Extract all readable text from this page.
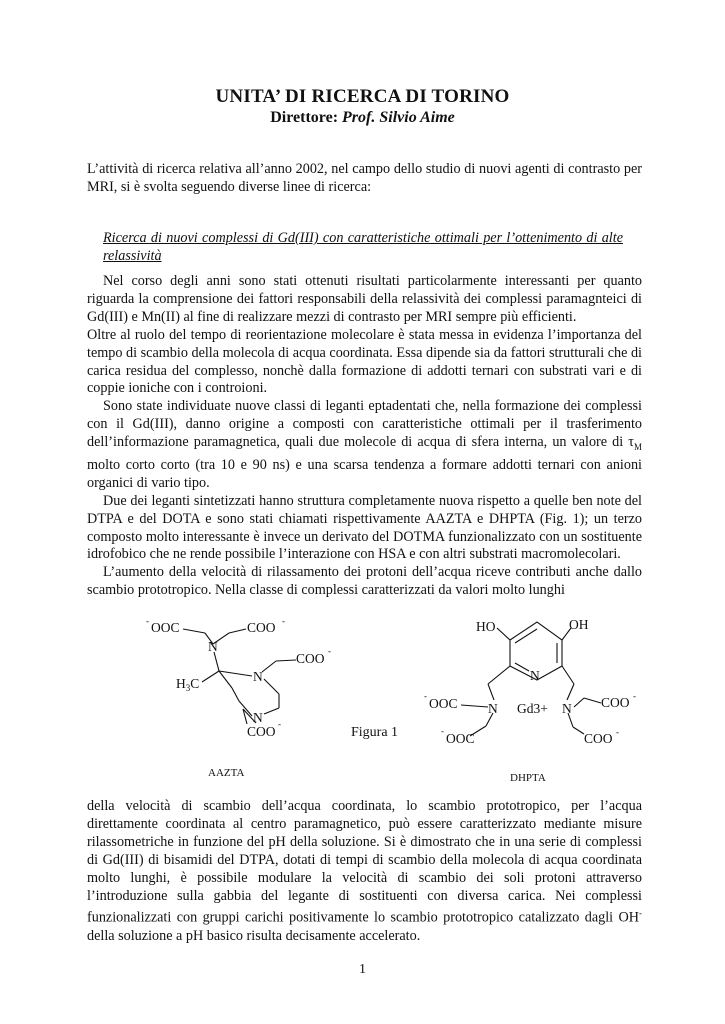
UNITA’ DI RICERCA DI TORINO
Direttore: Prof. Silvio Aime
L’attività di ricerca relativa all’anno 2002, nel campo dello studio di nuovi agenti di contrasto per MRI, si è svolta seguendo diverse linee di ricerca:
Ricerca di nuovi complessi di Gd(III) con caratteristiche ottimali per l’ottenimento di alte relassività

Nel corso degli anni sono stati ottenuti risultati particolarmente interessanti per quanto riguarda la comprensione dei fattori responsabili della relassività dei complessi paramagnteici di Gd(III) e Mn(II) al fine di realizzare mezzi di contrasto per MRI sempre più efficienti.

Oltre al ruolo del tempo di reorientazione molecolare è stata messa in evidenza l’importanza del tempo di scambio della molecola di acqua coordinata. Essa dipende sia da fattori strutturali che di carica residua del complesso, nonchè dalla formazione di addotti ternari con substrati vari e di coppie ioniche con i controioni.

Sono state individuate nuove classi di leganti eptadentati che, nella formazione dei complessi con il Gd(III), danno origine a composti con caratteristiche ottimali per il trasferimento dell’informazione paramagnetica, quali due molecole di acqua di sfera interna, un valore di $\tau_M$ molto corto corto (tra 10 e 90 ns) e una scarsa tendenza a formare addotti ternari con anioni organici di vario tipo.

Due dei leganti sintetizzati hanno struttura completamente nuova rispetto a quelle ben note del DTPA e del DOTA e sono stati chiamati rispettivamente AAZTA e DHPTA (Fig. 1); un terzo composto molto interessante è invece un derivato del DOTMA funzionalizzato con un sostituente idrofobico che ne rende possibile l’interazione con HSA e con altri substrati macromolecolari.

L’aumento della velocità di rilassamento dei protoni dell’acqua riceve contributi anche dallo scambio prototropico. Nella classe di complessi caratterizzati da valori molto lunghi

- OOC	COO -
N
COO -
$H_3C$	N
N
COO -
Figura 1
AAZTA
HO	OH
N
- OOC N Gd3+ N COO -
- OOC	COO -
DHPTA

della velocità di scambio dell’acqua coordinata, lo scambio prototropico, per l’acqua direttamente coordinata al centro paramagnetico, può essere caratterizzato mediante misure rilassometriche in funzione del pH della soluzione. Si è dimostrato che in una serie di complessi di Gd(III) di bisamidi del DTPA, dotati di tempi di scambio della molecola di acqua coordinata molto lunghi, è possibile modulare la velocità di scambio dei soli protoni attraverso l’introduzione sulla gabbia del legante di sostituenti con diversa carica. Nei complessi funzionalizzati con gruppi carichi positivamente lo scambio prototropico catalizzato dagli OH- della soluzione a pH basico risulta decisamente accelerato.

1
